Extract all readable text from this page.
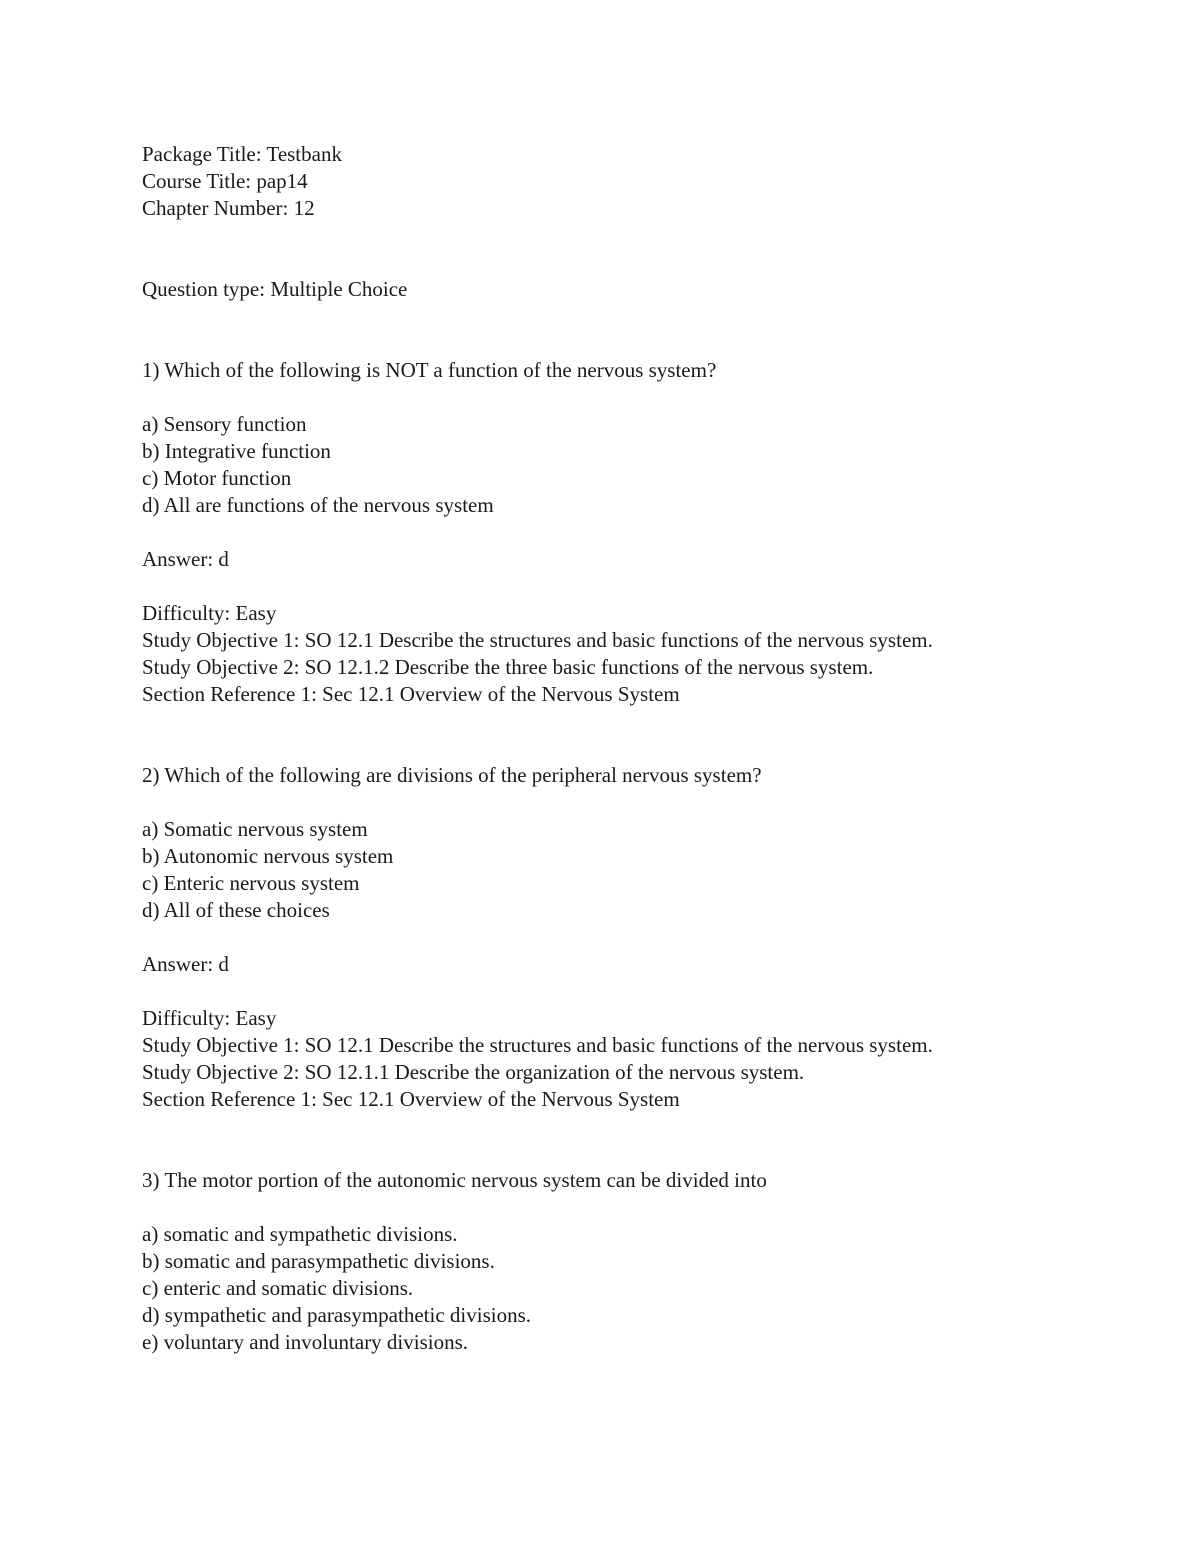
Package Title: Testbank
Course Title: pap14
Chapter Number: 12
Question type: Multiple Choice
1) Which of the following is NOT a function of the nervous system?
a) Sensory function
b) Integrative function
c) Motor function
d) All are functions of the nervous system
Answer: d
Difficulty: Easy
Study Objective 1: SO 12.1 Describe the structures and basic functions of the nervous system.
Study Objective 2: SO 12.1.2 Describe the three basic functions of the nervous system.
Section Reference 1: Sec 12.1 Overview of the Nervous System
2) Which of the following are divisions of the peripheral nervous system?
a) Somatic nervous system
b) Autonomic nervous system
c) Enteric nervous system
d) All of these choices
Answer: d
Difficulty: Easy
Study Objective 1: SO 12.1 Describe the structures and basic functions of the nervous system.
Study Objective 2: SO 12.1.1 Describe the organization of the nervous system.
Section Reference 1: Sec 12.1 Overview of the Nervous System
3) The motor portion of the autonomic nervous system can be divided into
a) somatic and sympathetic divisions.
b) somatic and parasympathetic divisions.
c) enteric and somatic divisions.
d) sympathetic and parasympathetic divisions.
e) voluntary and involuntary divisions.
